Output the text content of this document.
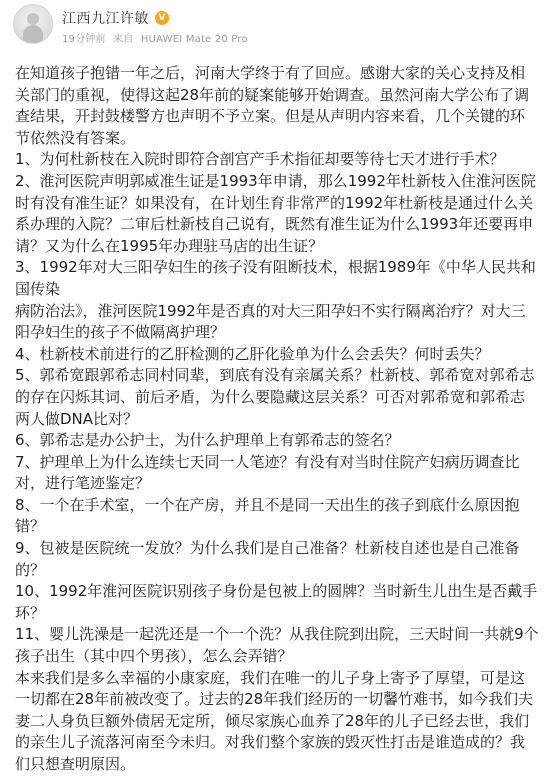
江西九江许敏	V
19分钟前 来自 HUAWEI Mate 20 Pro

在知道孩子抱错一年之后，河南大学终于有了回应。感谢大家的关心支持及相关部门的重视，使得这起28年前的疑案能够开始调查。虽然河南大学公布了调查结果，开封鼓楼警方也声明不予立案。但是从声明内容来看，几个关键的环节依然没有答案。

1、为何杜新枝在入院时即符合剖宫产手术指征却要等待七天才进行手术？

2、淮河医院声明郭威准生证是1993年申请，那么1992年杜新枝入住淮河医院时有没有准生证？如果没有，在计划生育非常严的1992年杜新枝是通过什么关系办理的入院？二审后杜新枝自己说有，既然有准生证为什么1993年还要再申请？又为什么在1995年办理驻马店的出生证？

3、1992年对大三阳孕妇生的孩子没有阻断技术，根据1989年《中华人民共和国传染

病防治法》，淮河医院1992年是否真的对大三阳孕妇不实行隔离治疗？对大三阳孕妇生的孩子不做隔离护理？

4、杜新枝术前进行的乙肝检测的乙肝化验单为什么会丢失？何时丢失？

5、郭希宽跟郭希志同村同辈，到底有没有亲属关系？杜新枝、郭希宽对郭希志的存在闪烁其词、前后矛盾，为什么要隐藏这层关系？可否对郭希宽和郭希志两人做DNA比对？

6、郭希志是办公护士，为什么护理单上有郭希志的签名？

7、护理单上为什么连续七天同一人笔迹？有没有对当时住院产妇病历调查比对，进行笔迹鉴定？

8、一个在手术室，一个在产房，并且不是同一天出生的孩子到底什么原因抱错？

9、包被是医院统一发放？为什么我们是自己准备？杜新枝自述也是自己准备的？

10、1992年淮河医院识别孩子身份是包被上的圆牌？当时新生儿出生是否戴手环？

11、婴儿洗澡是一起洗还是一个一个洗？从我住院到出院，三天时间一共就9个孩子出生（其中四个男孩），怎么会弄错？

本来我们是多么幸福的小康家庭，我们在唯一的儿子身上寄予了厚望，可是这一切都在28年前被改变了。过去的28年我们经历的一切馨竹难书，如今我们夫妻二人身负巨额外债居无定所，倾尽家族心血养了28年的儿子已经去世，我们的亲生儿子流落河南至今未归。对我们整个家族的毁灭性打击是谁造成的？我们只想查明原因。
